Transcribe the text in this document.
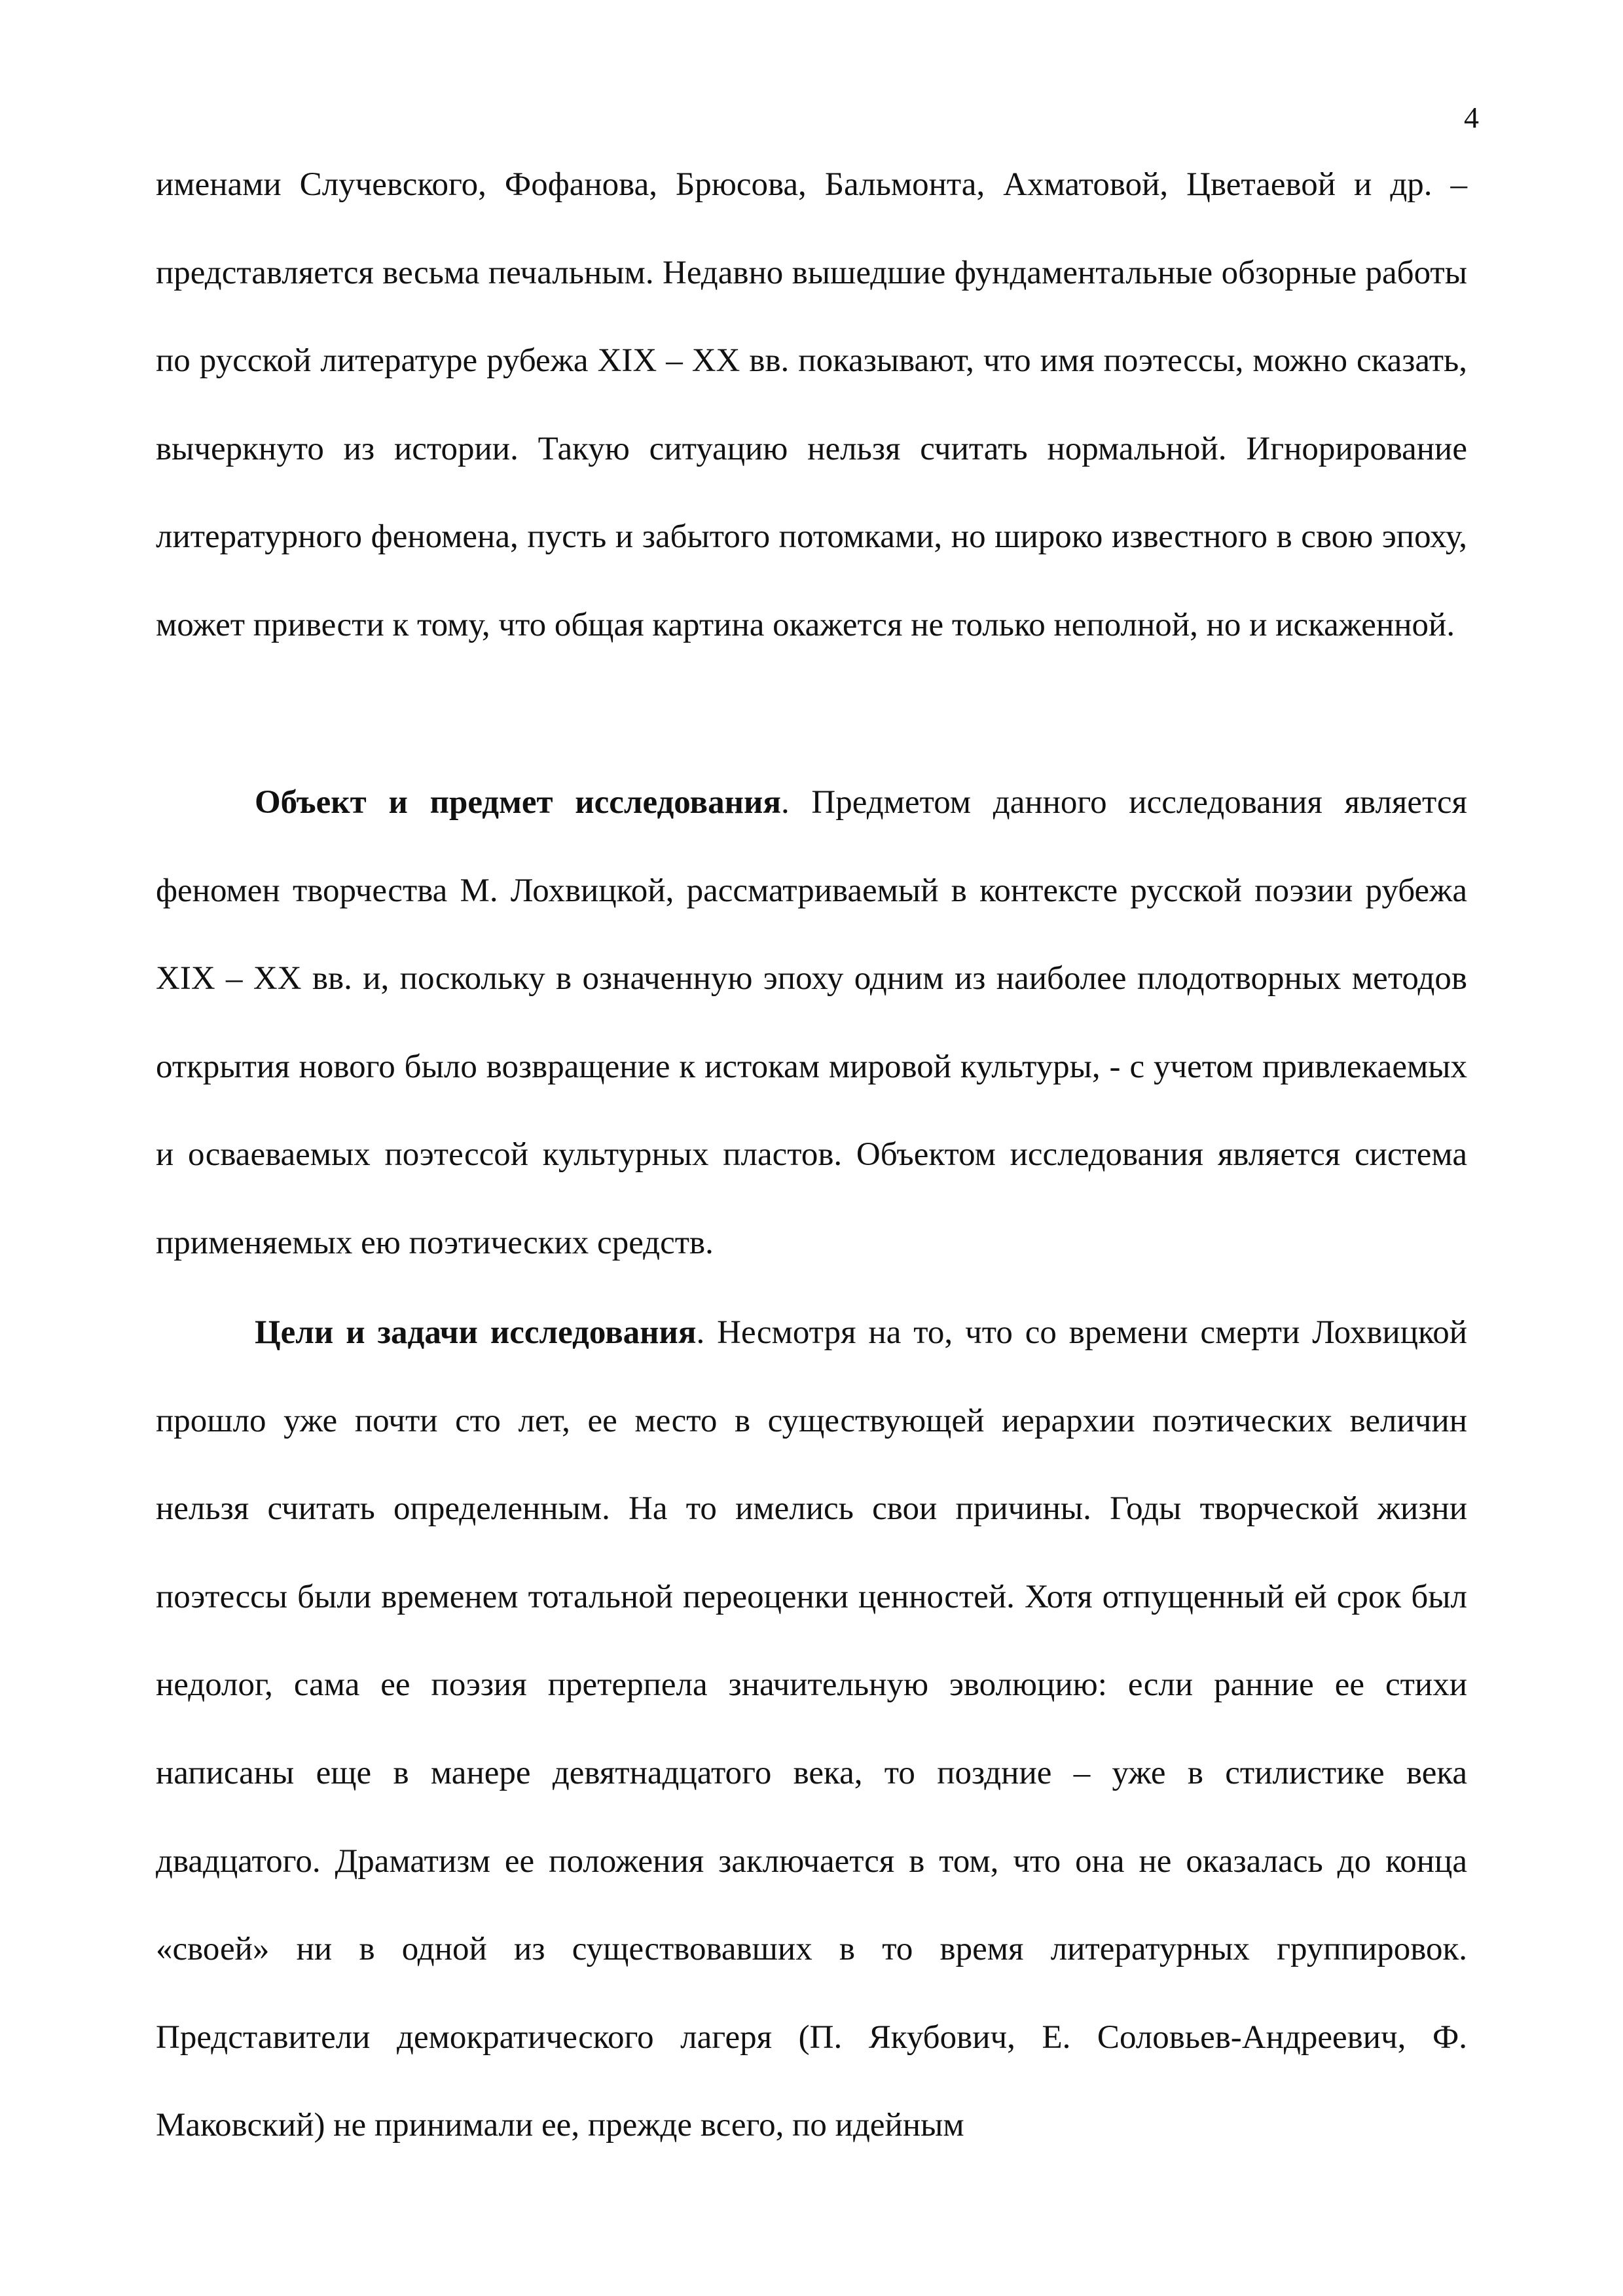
4

именами Случевского, Фофанова, Брюсова, Бальмонта, Ахматовой, Цветаевой и др. – представляется весьма печальным. Недавно вышедшие фундаментальные обзорные работы по русской литературе рубежа XIX – XX вв. показывают, что имя поэтессы, можно сказать, вычеркнуто из истории. Такую ситуацию нельзя считать нормальной. Игнорирование литературного феномена, пусть и забытого потомками, но широко известного в свою эпоху, может привести к тому, что общая картина окажется не только неполной, но и искаженной.

Объект и предмет исследования. Предметом данного исследования является феномен творчества М. Лохвицкой, рассматриваемый в контексте русской поэзии рубежа XIX – XX вв. и, поскольку в означенную эпоху одним из наиболее плодотворных методов открытия нового было возвращение к истокам мировой культуры, - с учетом привлекаемых и осваеваемых поэтессой культурных пластов. Объектом исследования является система применяемых ею поэтических средств.

Цели и задачи исследования. Несмотря на то, что со времени смерти Лохвицкой прошло уже почти сто лет, ее место в существующей иерархии поэтических величин нельзя считать определенным. На то имелись свои причины. Годы творческой жизни поэтессы были временем тотальной переоценки ценностей. Хотя отпущенный ей срок был недолог, сама ее поэзия претерпела значительную эволюцию: если ранние ее стихи написаны еще в манере девятнадцатого века, то поздние – уже в стилистике века двадцатого. Драматизм ее положения заключается в том, что она не оказалась до конца «своей» ни в одной из существовавших в то время литературных группировок. Представители демократического лагеря (П. Якубович, Е. Соловьев-Андреевич, Ф. Маковский) не принимали ее, прежде всего, по идейным
